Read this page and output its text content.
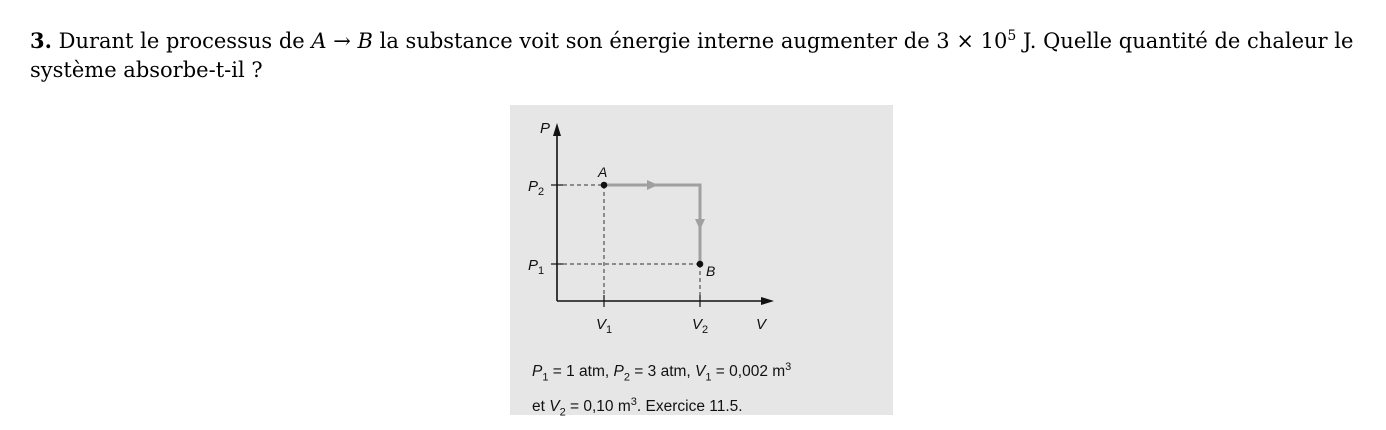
3. Durant le processus de A → B la substance voit son énergie interne augmenter de $3 \times 10^5$ J. Quelle quantité de chaleur le système absorbe-t-il ?
P
V
$P_2$
$P_1$
$V_1$	$V_2$
A
B
$P_1 = 1$ atm, $P_2 = 3$ atm, $V_1 = 0,002$ $m^3$
et $V_2 = 0,10$ $m^3$. Exercice 11.5.
